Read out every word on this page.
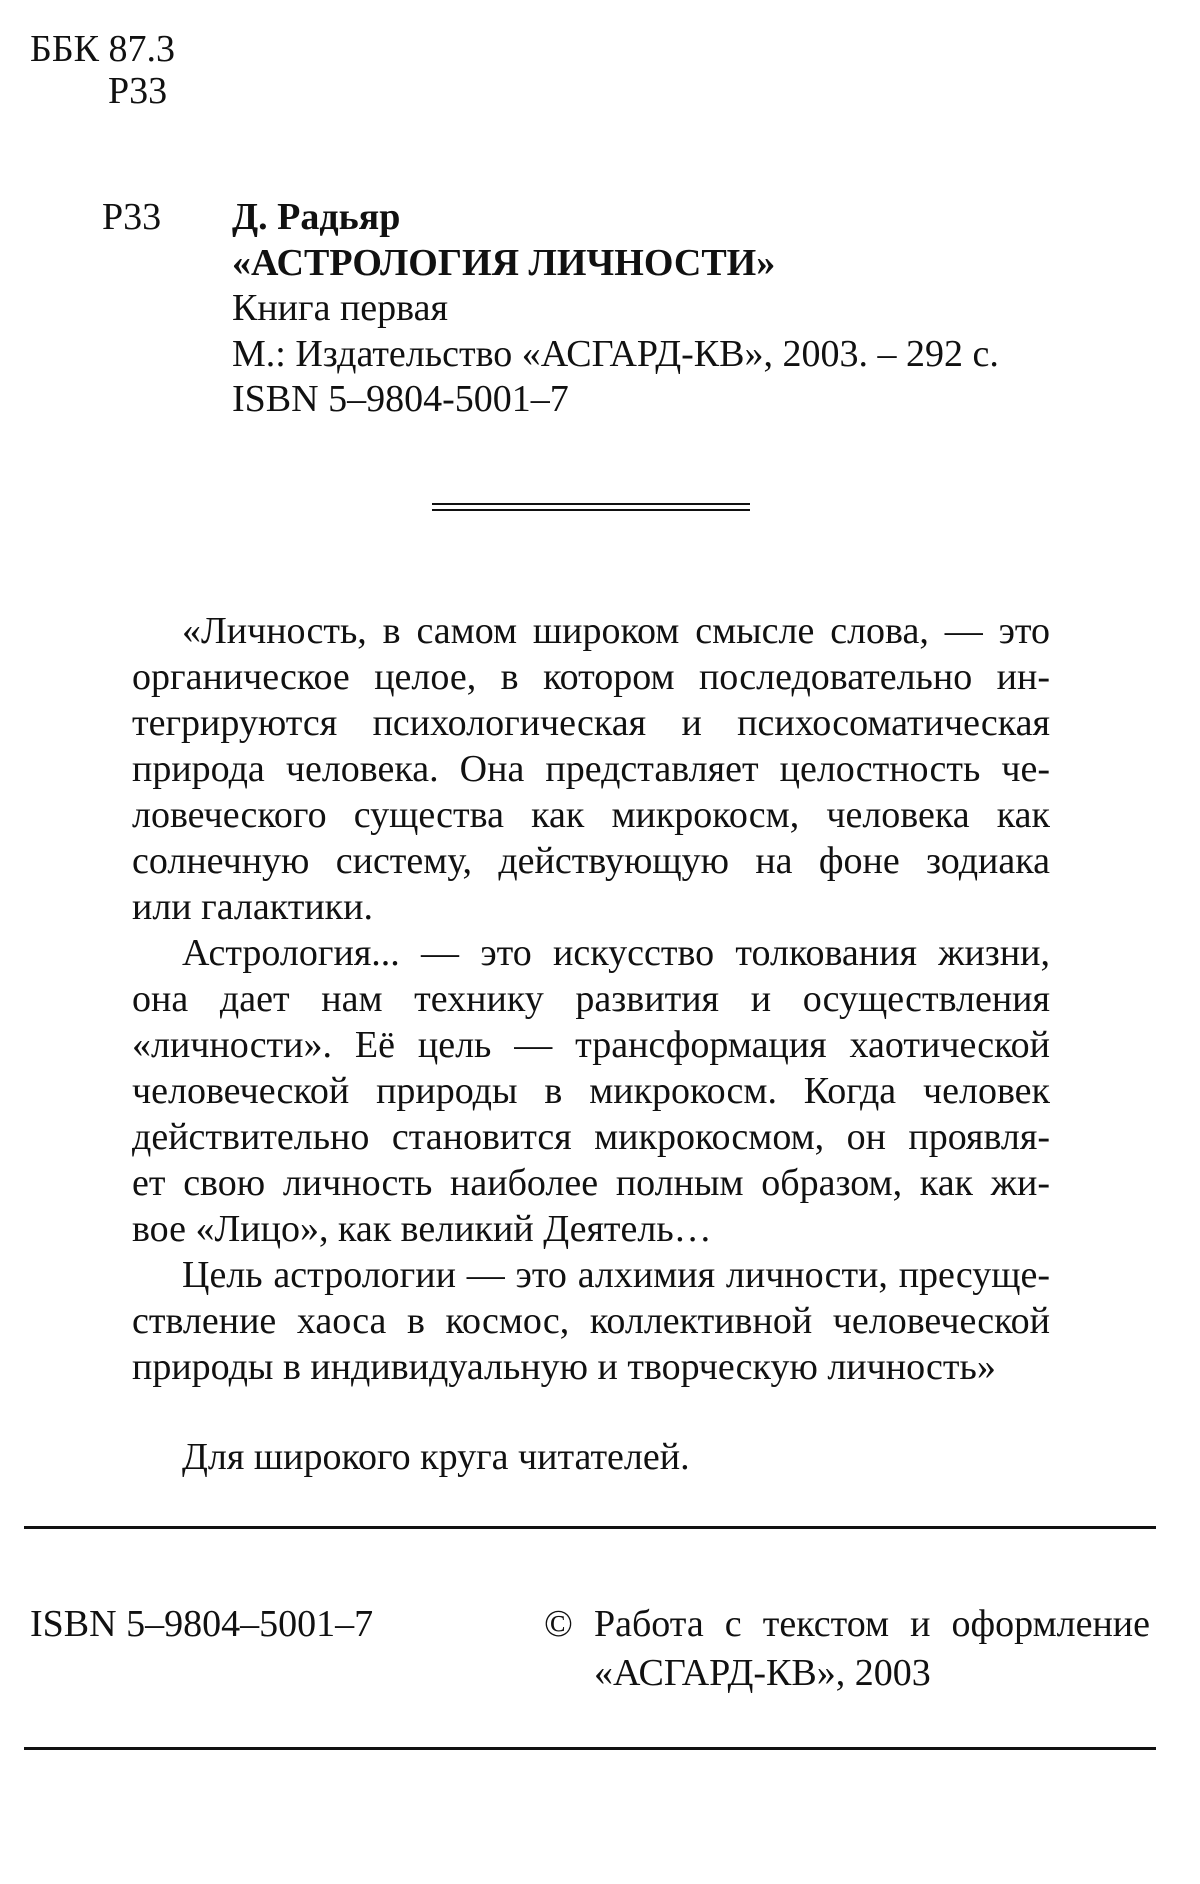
ББК 87.3
Р33
Р33 Д. Радьяр
«АСТРОЛОГИЯ ЛИЧНОСТИ»
Книга первая
М.: Издательство «АСГАРД-КВ», 2003. – 292 с.
ISBN 5–9804-5001–7
«Личность, в самом широком смысле слова, — это
органическое целое, в котором последовательно ин-
тегрируются психологическая и психосоматическая
природа человека. Она представляет целостность че-
ловеческого существа как микрокосм, человека как
солнечную систему, действующую на фоне зодиака
или галактики.
Астрология... — это искусство толкования жизни,
она дает нам технику развития и осуществления
«личности». Её цель — трансформация хаотической
человеческой природы в микрокосм. Когда человек
действительно становится микрокосмом, он проявля-
ет свою личность наиболее полным образом, как жи-
вое «Лицо», как великий Деятель…
Цель астрологии — это алхимия личности, пресуще-
ствление хаоса в космос, коллективной человеческой
природы в индивидуальную и творческую личность»
Для широкого круга читателей.
ISBN 5–9804–5001–7	© Работа с текстом и оформление
«АСГАРД-КВ», 2003
